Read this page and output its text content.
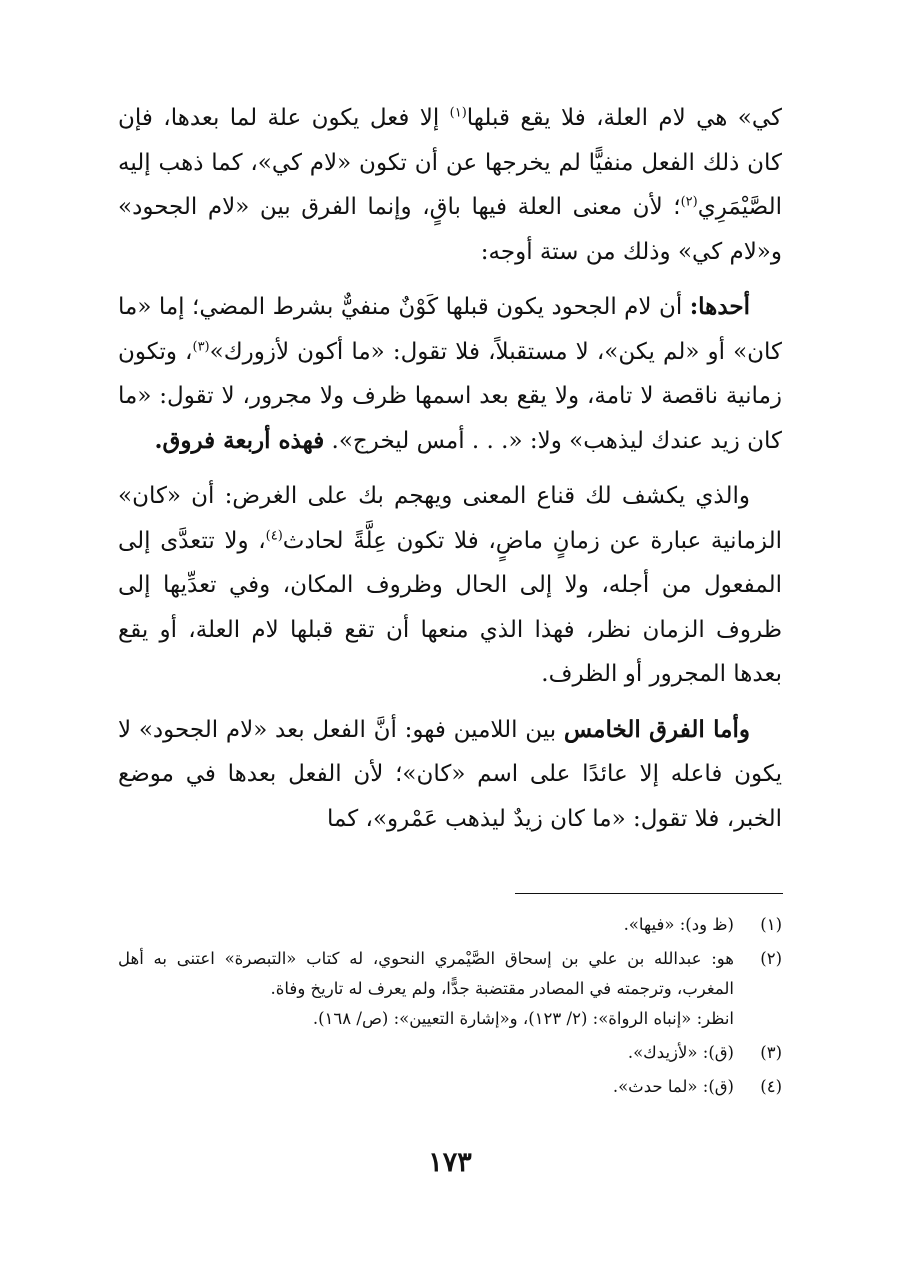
كي» هي لام العلة، فلا يقع قبلها$^{(١)}$ إلا فعل يكون علة لما بعدها، فإن كان ذلك الفعل منفيًّا لم يخرجها عن أن تكون «لام كي»، كما ذهب إليه الصَّيْمَرِي$^{(٢)}$؛ لأن معنى العلة فيها باقٍ، وإنما الفرق بين «لام الجحود» و«لام كي» وذلك من ستة أوجه:

أحدها: أن لام الجحود يكون قبلها كَوْنٌ منفيٌّ بشرط المضي؛ إما «ما كان» أو «لم يكن»، لا مستقبلاً، فلا تقول: «ما أكون لأزورك»$^{(٣)}$، وتكون زمانية ناقصة لا تامة، ولا يقع بعد اسمها ظرف ولا مجرور، لا تقول: «ما كان زيد عندك ليذهب» ولا: «. . . أمس ليخرج». فهذه أربعة فروق.

والذي يكشف لك قناع المعنى ويهجم بك على الغرض: أن «كان» الزمانية عبارة عن زمانٍ ماضٍ، فلا تكون عِلَّةً لحادث$^{(٤)}$، ولا تتعدَّى إلى المفعول من أجله، ولا إلى الحال وظروف المكان، وفي تعدِّيها إلى ظروف الزمان نظر، فهذا الذي منعها أن تقع قبلها لام العلة، أو يقع بعدها المجرور أو الظرف.

وأما الفرق الخامس بين اللامين فهو: أنَّ الفعل بعد «لام الجحود» لا يكون فاعله إلا عائدًا على اسم «كان»؛ لأن الفعل بعدها في موضع الخبر، فلا تقول: «ما كان زيدٌ ليذهب عَمْرو»، كما

(١)
(ظ ود): «فيها».
(٢)
هو: عبدالله بن علي بن إسحاق الصَّيْمري النحوي، له كتاب «التبصرة» اعتنى به أهل المغرب، وترجمته في المصادر مقتضبة جدًّا، ولم يعرف له تاريخ وفاة.
انظر: «إنباه الرواة»: (٢/ ١٢٣)، و«إشارة التعيين»: (ص/ ١٦٨).
(٣)
(ق): «لأزيدك».
(٤)
(ق): «لما حدث».
١٧٣
